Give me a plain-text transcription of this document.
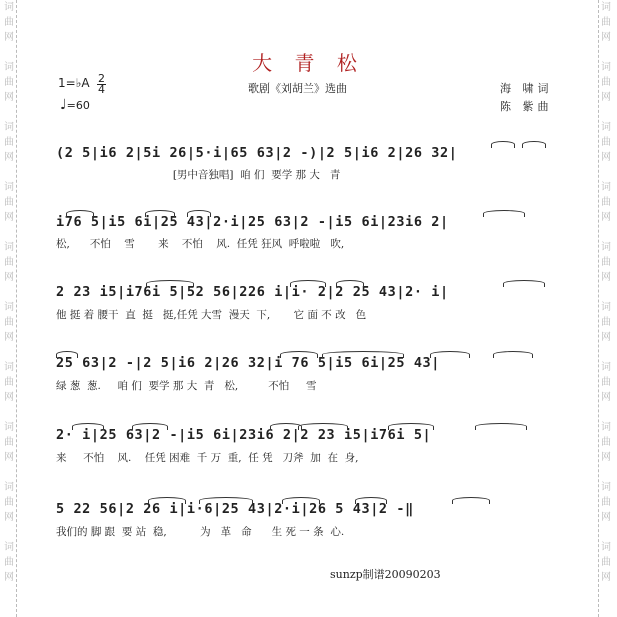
词	词
曲	曲
网	网
词	词
曲	曲
网	网
词	词
曲	曲
网	网
词	词
曲	曲
网	网
词	词
曲	曲
网	网
词	词
曲	曲
网	网
词	词
曲	曲
网	网
词	词
曲	曲
网	网
词	词
曲	曲
网	网
词	词
曲	曲
网	网
大 青 松
1=♭A 2
4
♩=60
歌剧《刘胡兰》选曲	海 啸词
陈 紫曲
(2 5|i6 2|5i 26|5·i|65 63|2 -)|2 5|i6 2|26 32|
[男中音独唱]  咱 们  要学 那 大   青
i76 5|i5 6i|25 43|2·i|25 63|2 -|i5 6i|23i6 2|
松,      不怕    雪       来    不怕    风.  任凭 狂风  呼啦啦   吹,
2 23 i5|i76i 5|52 56|226 i|i· 2|2 25 43|2· i|
他 挺 着 腰干  直  挺   挺,任凭 大雪  漫天  下,       它 面 不 改   色
25 63|2 -|2 5|i6 2|26 32|i 76 5|i5 6i|25 43|
绿 葱  葱.     咱 们  要学 那 大  青   松,         不怕     雪
2· i|25 63|2 -|i5 6i|23i6 2|2 23 i5|i76i 5|
来     不怕    风.    任凭 困难  千 万  重,  任 凭   刀斧  加  在  身,
5 22 56|2 26 i|i·6|25 43|2·i|26 5 43|2 -‖
我们的 脚 跟  要 站  稳,          为   革   命      生 死 一 条  心.
sunzp制谱20090203
